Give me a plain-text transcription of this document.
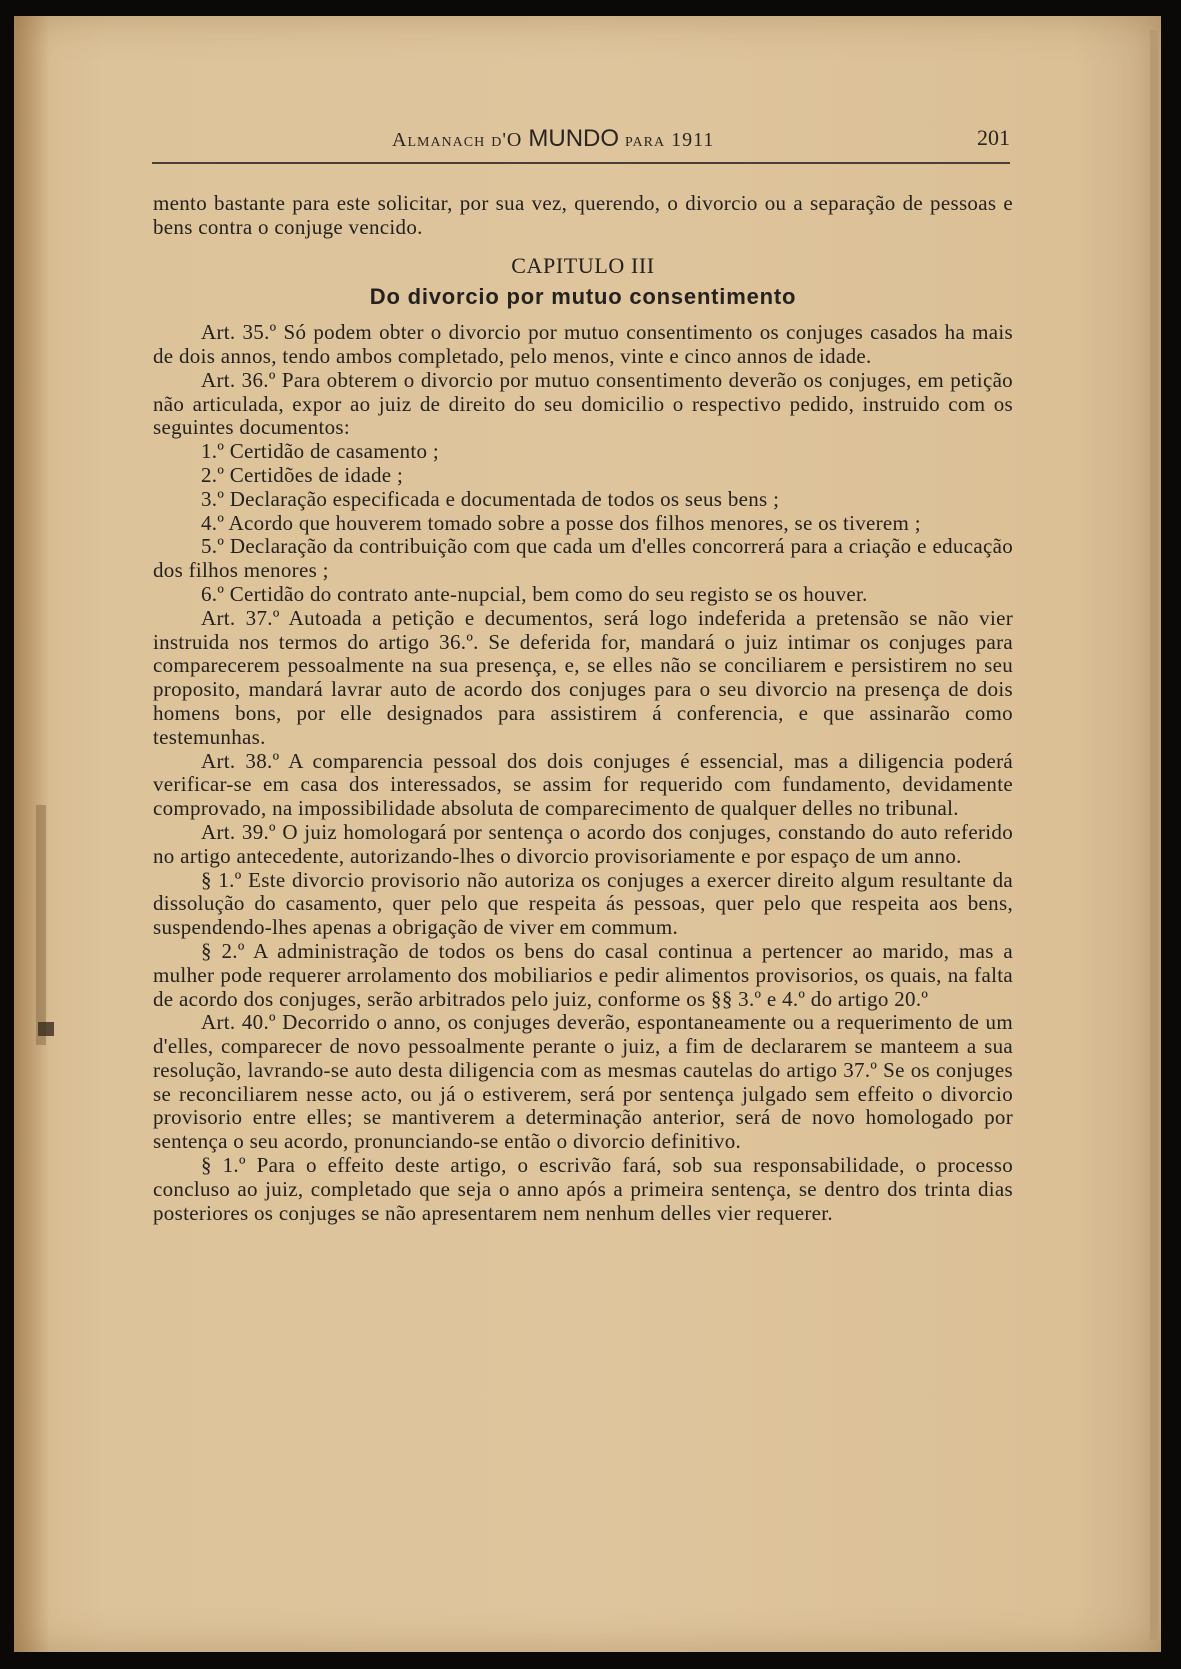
Almanach d'O MUNDO para 1911	201

mento bastante para este solicitar, por sua vez, querendo, o divorcio ou a separação de pessoas e bens contra o conjuge vencido.

CAPITULO III
Do divorcio por mutuo consentimento

Art. 35.º Só podem obter o divorcio por mutuo consentimento os conjuges casados ha mais de dois annos, tendo ambos completado, pelo menos, vinte e cinco annos de idade.

Art. 36.º Para obterem o divorcio por mutuo consentimento deverão os conjuges, em petição não articulada, expor ao juiz de direito do seu domicilio o respectivo pedido, instruido com os seguintes documentos:

1.º Certidão de casamento ;

2.º Certidões de idade ;

3.º Declaração especificada e documentada de todos os seus bens ;

4.º Acordo que houverem tomado sobre a posse dos filhos menores, se os tiverem ;

5.º Declaração da contribuição com que cada um d'elles concorrerá para a criação e educação dos filhos menores ;

6.º Certidão do contrato ante-nupcial, bem como do seu registo se os houver.

Art. 37.º Autoada a petição e decumentos, será logo indeferida a pretensão se não vier instruida nos termos do artigo 36.º. Se deferida for, mandará o juiz intimar os conjuges para comparecerem pessoalmente na sua presença, e, se elles não se conciliarem e persistirem no seu proposito, mandará lavrar auto de acordo dos conjuges para o seu divorcio na presença de dois homens bons, por elle designados para assistirem á conferencia, e que assinarão como testemunhas.

Art. 38.º A comparencia pessoal dos dois conjuges é essencial, mas a diligencia poderá verificar-se em casa dos interessados, se assim for requerido com fundamento, devidamente comprovado, na impossibilidade absoluta de comparecimento de qualquer delles no tribunal.

Art. 39.º O juiz homologará por sentença o acordo dos conjuges, constando do auto referido no artigo antecedente, autorizando-lhes o divorcio provisoriamente e por espaço de um anno.

§ 1.º Este divorcio provisorio não autoriza os conjuges a exercer direito algum resultante da dissolução do casamento, quer pelo que respeita ás pessoas, quer pelo que respeita aos bens, suspendendo-lhes apenas a obrigação de viver em commum.

§ 2.º A administração de todos os bens do casal continua a pertencer ao marido, mas a mulher pode requerer arrolamento dos mobiliarios e pedir alimentos provisorios, os quais, na falta de acordo dos conjuges, serão arbitrados pelo juiz, conforme os §§ 3.º e 4.º do artigo 20.º

Art. 40.º Decorrido o anno, os conjuges deverão, espontaneamente ou a requerimento de um d'elles, comparecer de novo pessoalmente perante o juiz, a fim de declararem se manteem a sua resolução, lavrando-se auto desta diligencia com as mesmas cautelas do artigo 37.º Se os conjuges se reconciliarem nesse acto, ou já o estiverem, será por sentença julgado sem effeito o divorcio provisorio entre elles; se mantiverem a determinação anterior, será de novo homologado por sentença o seu acordo, pronunciando-se então o divorcio definitivo.

§ 1.º Para o effeito deste artigo, o escrivão fará, sob sua responsabilidade, o processo concluso ao juiz, completado que seja o anno após a primeira sentença, se dentro dos trinta dias posteriores os conjuges se não apresentarem nem nenhum delles vier requerer.
